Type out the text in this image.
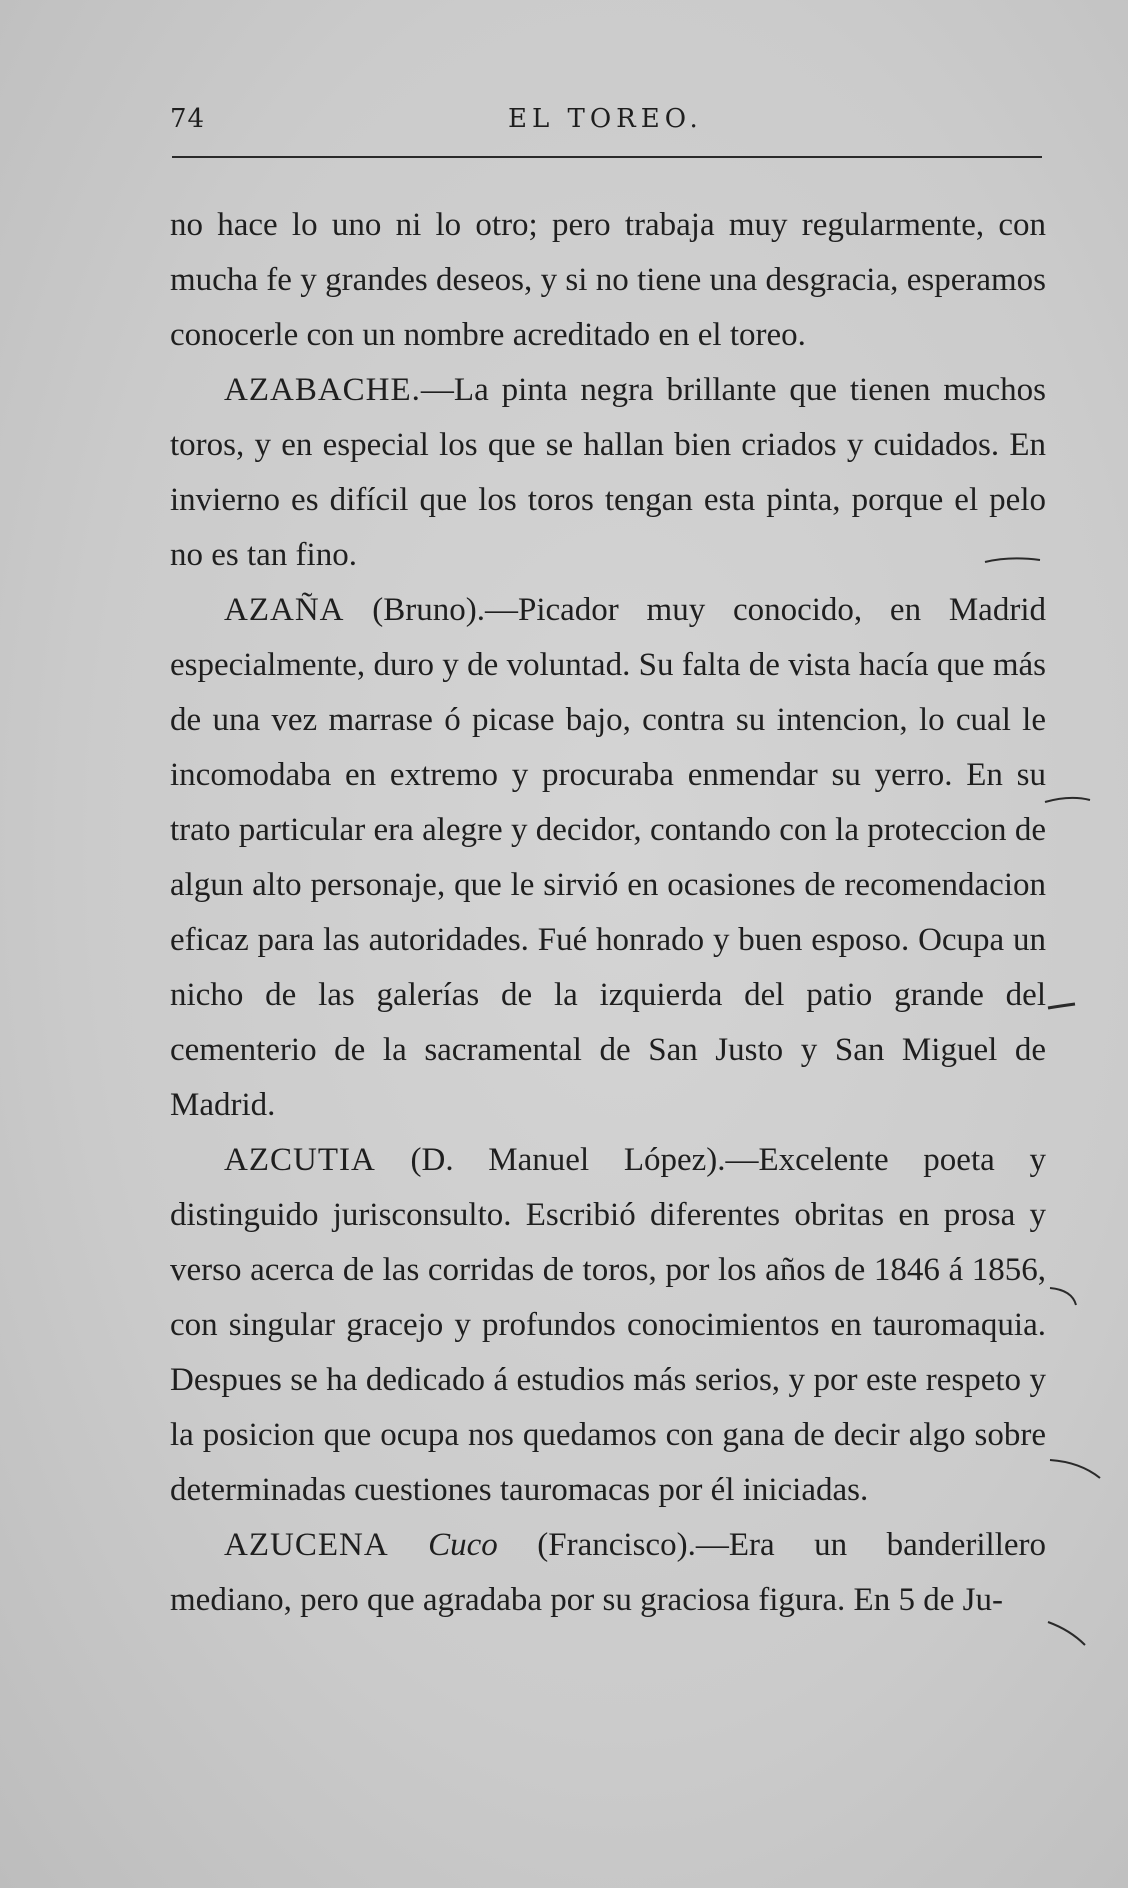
74	EL TOREO.

no hace lo uno ni lo otro; pero trabaja muy regularmente, con mucha fe y grandes deseos, y si no tiene una desgracia, esperamos conocerle con un nombre acreditado en el toreo.

AZABACHE.—La pinta negra brillante que tienen muchos toros, y en especial los que se hallan bien criados y cuidados. En invierno es difícil que los toros tengan esta pinta, porque el pelo no es tan fino.

AZAÑA (Bruno).—Picador muy conocido, en Madrid especialmente, duro y de voluntad. Su falta de vista hacía que más de una vez marrase ó picase bajo, contra su intencion, lo cual le incomodaba en extremo y procuraba enmendar su yerro. En su trato particular era alegre y decidor, contando con la proteccion de algun alto personaje, que le sirvió en ocasiones de recomendacion eficaz para las autoridades. Fué honrado y buen esposo. Ocupa un nicho de las galerías de la izquierda del patio grande del cementerio de la sacramental de San Justo y San Miguel de Madrid.

AZCUTIA (D. Manuel López).—Excelente poeta y distinguido jurisconsulto. Escribió diferentes obritas en prosa y verso acerca de las corridas de toros, por los años de 1846 á 1856, con singular gracejo y profundos conocimientos en tauromaquia. Despues se ha dedicado á estudios más serios, y por este respeto y la posicion que ocupa nos quedamos con gana de decir algo sobre determinadas cuestiones tauromacas por él iniciadas.

AZUCENA Cuco (Francisco).—Era un banderillero mediano, pero que agradaba por su graciosa figura. En 5 de Ju-
